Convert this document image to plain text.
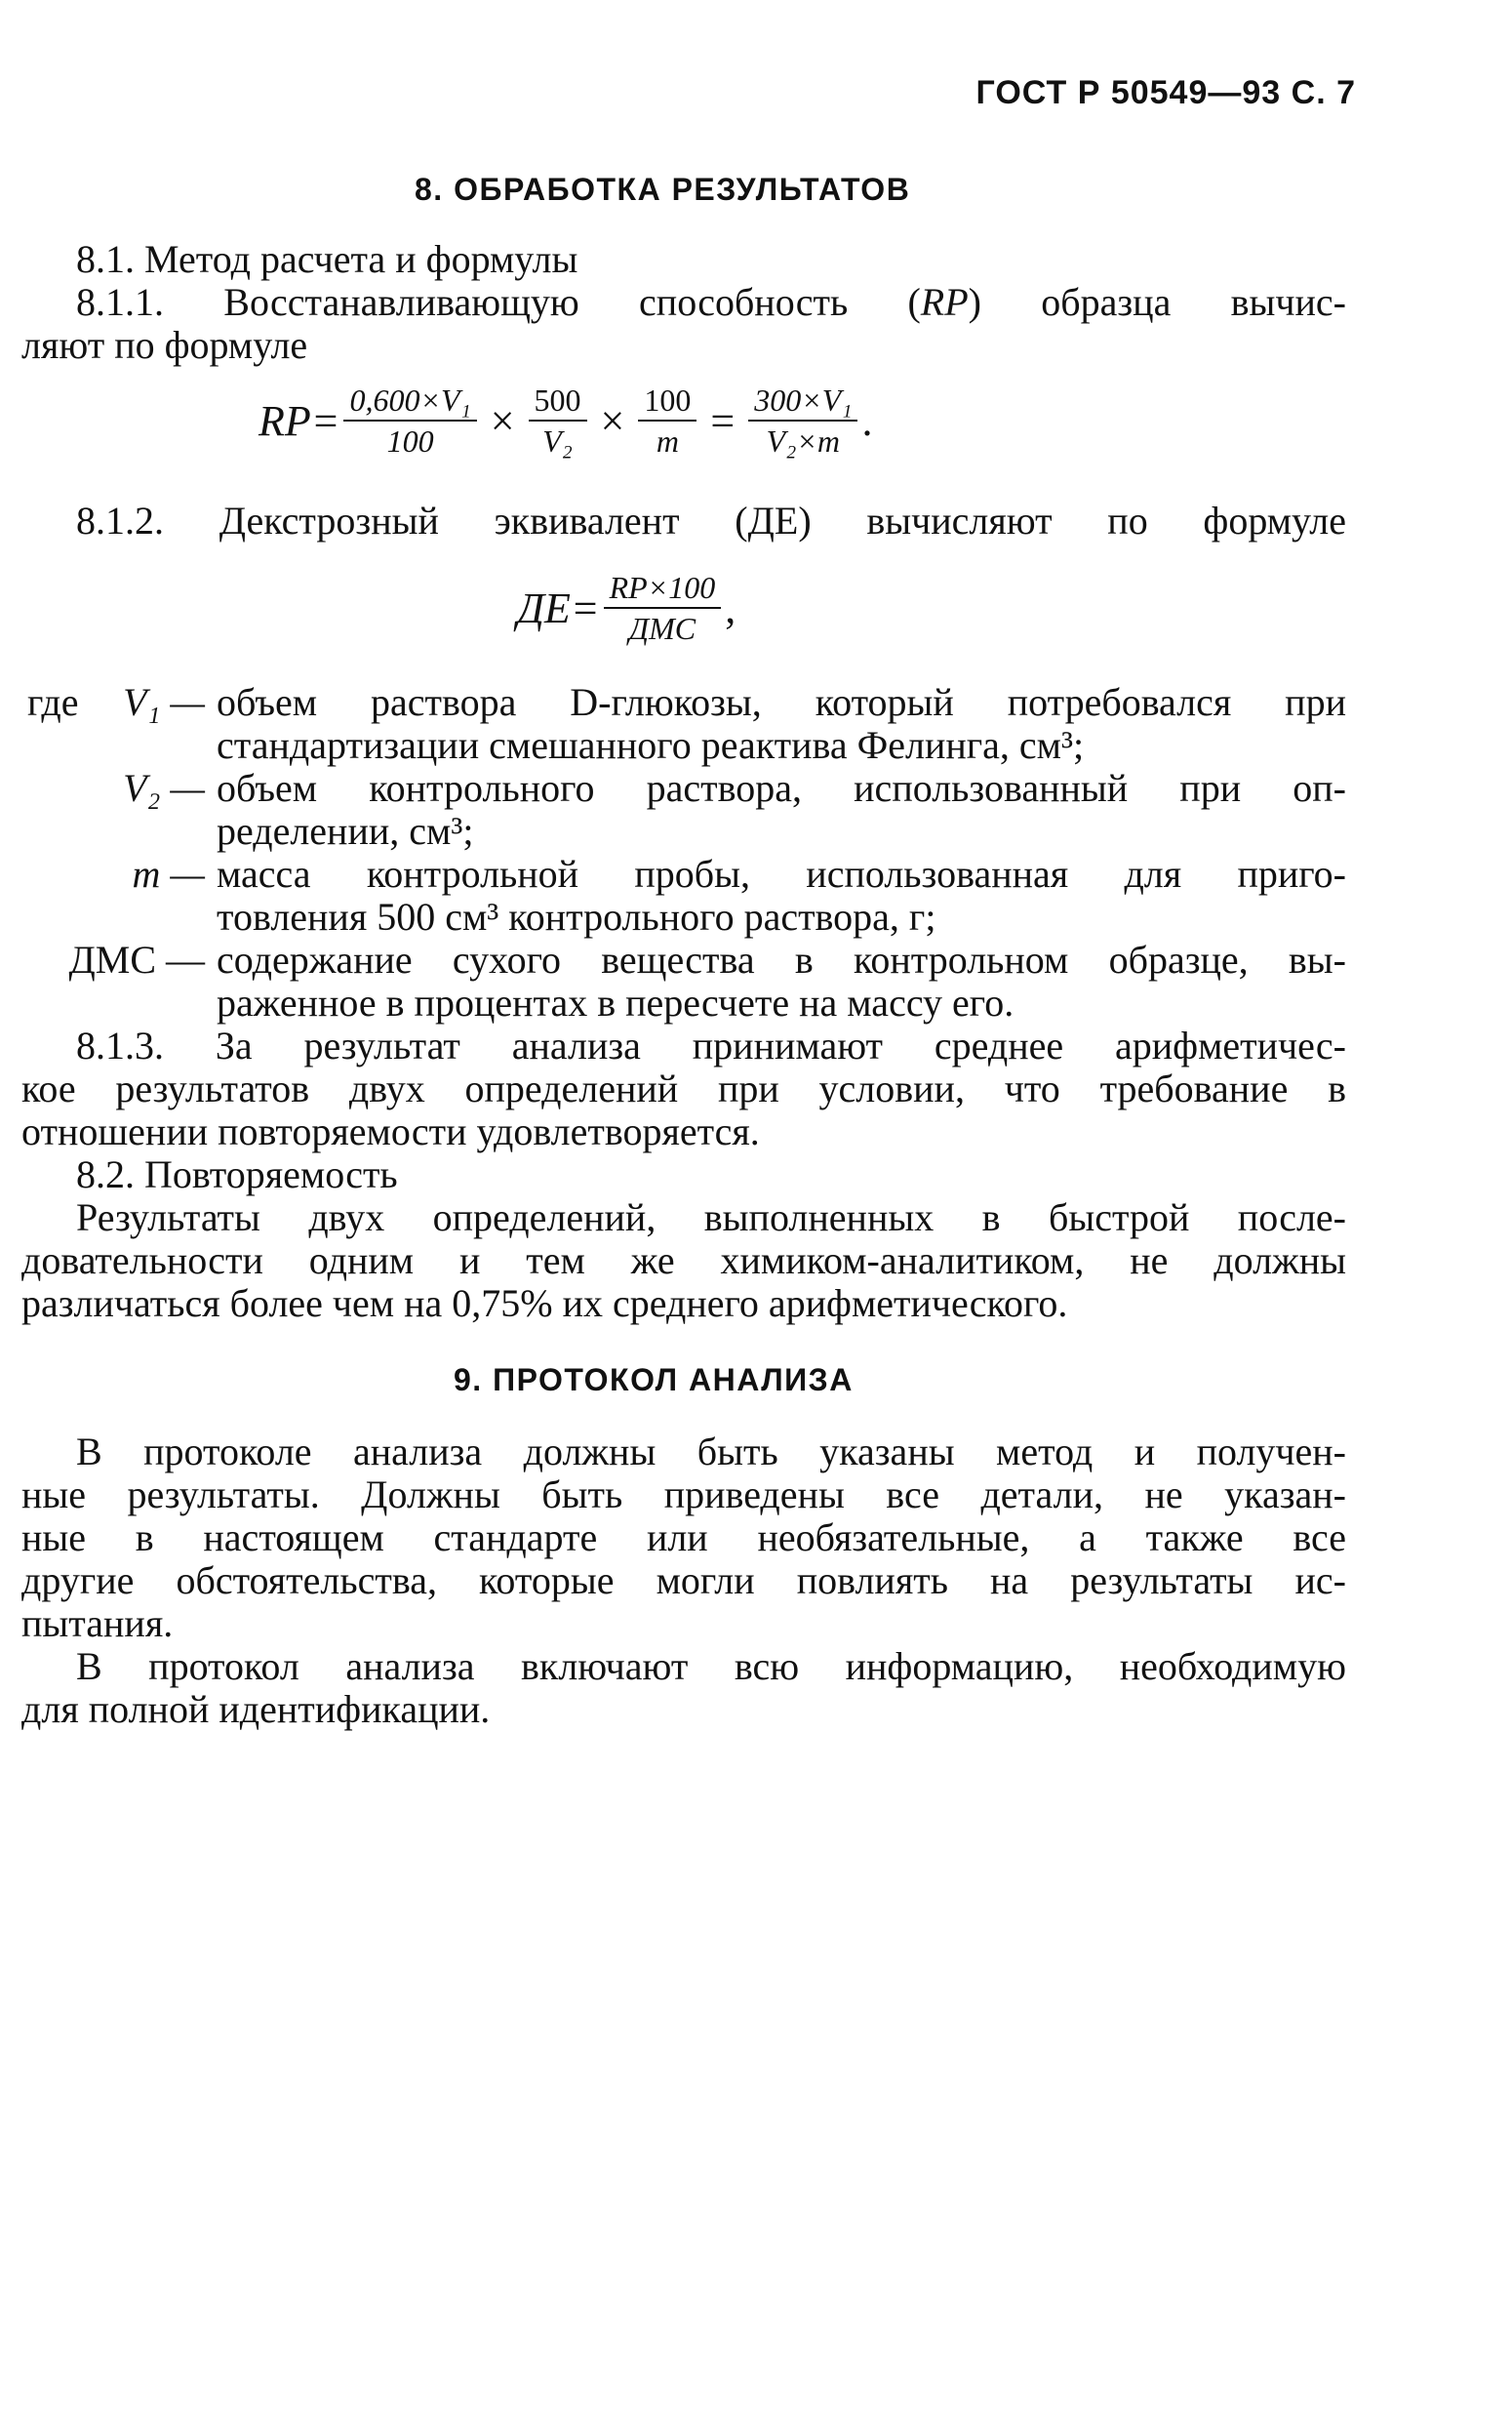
ГОСТ Р 50549—93 С. 7
8. ОБРАБОТКА РЕЗУЛЬТАТОВ
8.1. Метод расчета и формулы
8.1.1. Восстанавливающую способность (RP) образца вычис-
ляют по формуле
$RP= \frac{\text{0,600×V₁}}{100} \times \frac{500}{\text{V₂}} \times \frac{100}{m} = \frac{\text{300×V₁}}{\text{V₂×m}}$ .
8.1.2. Декстрозный эквивалент (ДЕ) вычисляют по формуле
$ДЕ= \frac{RP\times 100}{\text{ДМС}}$ ,
где	V₁ — объем раствора D-глюкозы, который потребовался при
стандартизации смешанного реактива Фелинга, см³;
V₂ — объем контрольного раствора, использованный при оп-
ределении, см³;
m — масса контрольной пробы, использованная для приго-
товления 500 см³ контрольного раствора, г;
ДМС — содержание сухого вещества в контрольном образце, вы-
раженное в процентах в пересчете на массу его.
8.1.3. За результат анализа принимают среднее арифметичес-
кое результатов двух определений при условии, что требование в
отношении повторяемости удовлетворяется.
8.2. Повторяемость
Результаты двух определений, выполненных в быстрой после-
довательности одним и тем же химиком-аналитиком, не должны
различаться более чем на 0,75% их среднего арифметического.
9. ПРОТОКОЛ АНАЛИЗА
В протоколе анализа должны быть указаны метод и получен-
ные результаты. Должны быть приведены все детали, не указан-
ные в настоящем стандарте или необязательные, а также все
другие обстоятельства, которые могли повлиять на результаты ис-
пытания.
В протокол анализа включают всю информацию, необходимую
для полной идентификации.
